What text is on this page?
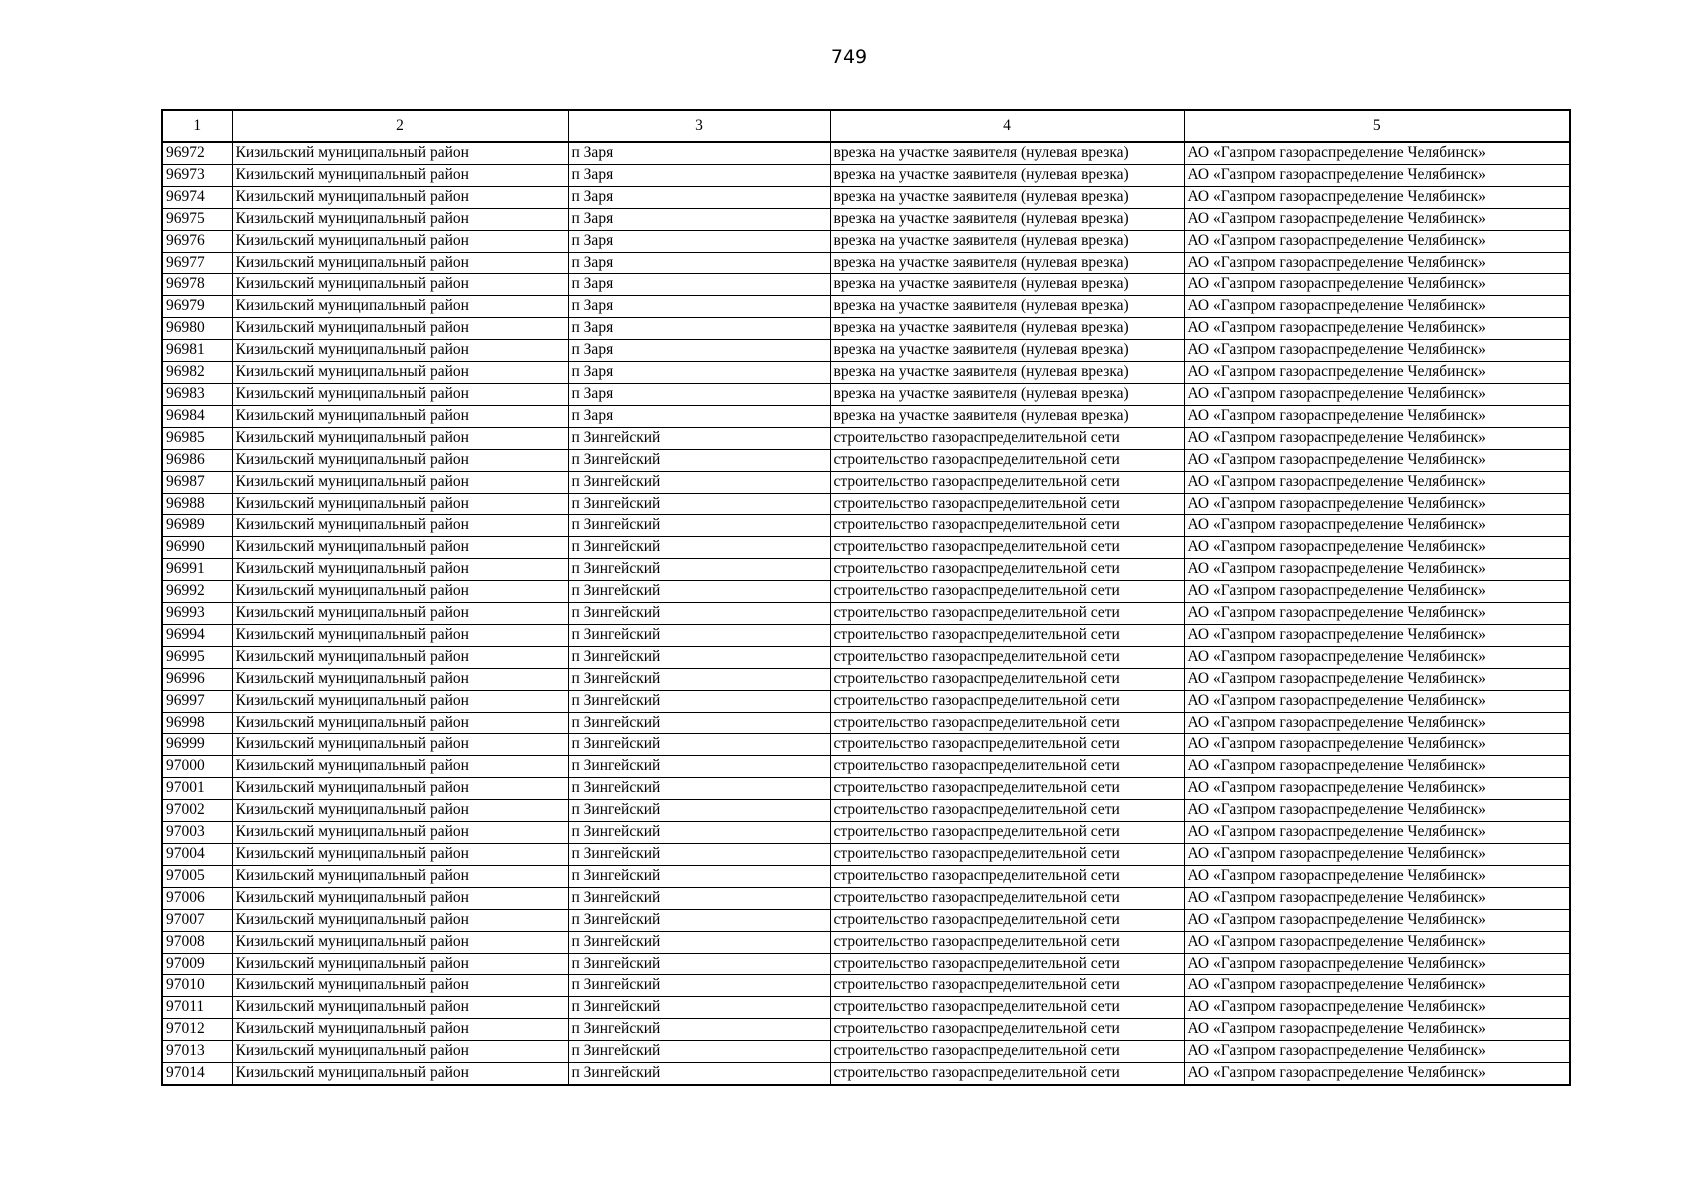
749
1	2	3	4	5
96972	Кизильский муниципальный район	п Заря	врезка на участке заявителя (нулевая врезка)	АО «Газпром газораспределение Челябинск»
96973	Кизильский муниципальный район	п Заря	врезка на участке заявителя (нулевая врезка)	АО «Газпром газораспределение Челябинск»
96974	Кизильский муниципальный район	п Заря	врезка на участке заявителя (нулевая врезка)	АО «Газпром газораспределение Челябинск»
96975	Кизильский муниципальный район	п Заря	врезка на участке заявителя (нулевая врезка)	АО «Газпром газораспределение Челябинск»
96976	Кизильский муниципальный район	п Заря	врезка на участке заявителя (нулевая врезка)	АО «Газпром газораспределение Челябинск»
96977	Кизильский муниципальный район	п Заря	врезка на участке заявителя (нулевая врезка)	АО «Газпром газораспределение Челябинск»
96978	Кизильский муниципальный район	п Заря	врезка на участке заявителя (нулевая врезка)	АО «Газпром газораспределение Челябинск»
96979	Кизильский муниципальный район	п Заря	врезка на участке заявителя (нулевая врезка)	АО «Газпром газораспределение Челябинск»
96980	Кизильский муниципальный район	п Заря	врезка на участке заявителя (нулевая врезка)	АО «Газпром газораспределение Челябинск»
96981	Кизильский муниципальный район	п Заря	врезка на участке заявителя (нулевая врезка)	АО «Газпром газораспределение Челябинск»
96982	Кизильский муниципальный район	п Заря	врезка на участке заявителя (нулевая врезка)	АО «Газпром газораспределение Челябинск»
96983	Кизильский муниципальный район	п Заря	врезка на участке заявителя (нулевая врезка)	АО «Газпром газораспределение Челябинск»
96984	Кизильский муниципальный район	п Заря	врезка на участке заявителя (нулевая врезка)	АО «Газпром газораспределение Челябинск»
96985	Кизильский муниципальный район	п Зингейский	строительство газораспределительной сети	АО «Газпром газораспределение Челябинск»
96986	Кизильский муниципальный район	п Зингейский	строительство газораспределительной сети	АО «Газпром газораспределение Челябинск»
96987	Кизильский муниципальный район	п Зингейский	строительство газораспределительной сети	АО «Газпром газораспределение Челябинск»
96988	Кизильский муниципальный район	п Зингейский	строительство газораспределительной сети	АО «Газпром газораспределение Челябинск»
96989	Кизильский муниципальный район	п Зингейский	строительство газораспределительной сети	АО «Газпром газораспределение Челябинск»
96990	Кизильский муниципальный район	п Зингейский	строительство газораспределительной сети	АО «Газпром газораспределение Челябинск»
96991	Кизильский муниципальный район	п Зингейский	строительство газораспределительной сети	АО «Газпром газораспределение Челябинск»
96992	Кизильский муниципальный район	п Зингейский	строительство газораспределительной сети	АО «Газпром газораспределение Челябинск»
96993	Кизильский муниципальный район	п Зингейский	строительство газораспределительной сети	АО «Газпром газораспределение Челябинск»
96994	Кизильский муниципальный район	п Зингейский	строительство газораспределительной сети	АО «Газпром газораспределение Челябинск»
96995	Кизильский муниципальный район	п Зингейский	строительство газораспределительной сети	АО «Газпром газораспределение Челябинск»
96996	Кизильский муниципальный район	п Зингейский	строительство газораспределительной сети	АО «Газпром газораспределение Челябинск»
96997	Кизильский муниципальный район	п Зингейский	строительство газораспределительной сети	АО «Газпром газораспределение Челябинск»
96998	Кизильский муниципальный район	п Зингейский	строительство газораспределительной сети	АО «Газпром газораспределение Челябинск»
96999	Кизильский муниципальный район	п Зингейский	строительство газораспределительной сети	АО «Газпром газораспределение Челябинск»
97000	Кизильский муниципальный район	п Зингейский	строительство газораспределительной сети	АО «Газпром газораспределение Челябинск»
97001	Кизильский муниципальный район	п Зингейский	строительство газораспределительной сети	АО «Газпром газораспределение Челябинск»
97002	Кизильский муниципальный район	п Зингейский	строительство газораспределительной сети	АО «Газпром газораспределение Челябинск»
97003	Кизильский муниципальный район	п Зингейский	строительство газораспределительной сети	АО «Газпром газораспределение Челябинск»
97004	Кизильский муниципальный район	п Зингейский	строительство газораспределительной сети	АО «Газпром газораспределение Челябинск»
97005	Кизильский муниципальный район	п Зингейский	строительство газораспределительной сети	АО «Газпром газораспределение Челябинск»
97006	Кизильский муниципальный район	п Зингейский	строительство газораспределительной сети	АО «Газпром газораспределение Челябинск»
97007	Кизильский муниципальный район	п Зингейский	строительство газораспределительной сети	АО «Газпром газораспределение Челябинск»
97008	Кизильский муниципальный район	п Зингейский	строительство газораспределительной сети	АО «Газпром газораспределение Челябинск»
97009	Кизильский муниципальный район	п Зингейский	строительство газораспределительной сети	АО «Газпром газораспределение Челябинск»
97010	Кизильский муниципальный район	п Зингейский	строительство газораспределительной сети	АО «Газпром газораспределение Челябинск»
97011	Кизильский муниципальный район	п Зингейский	строительство газораспределительной сети	АО «Газпром газораспределение Челябинск»
97012	Кизильский муниципальный район	п Зингейский	строительство газораспределительной сети	АО «Газпром газораспределение Челябинск»
97013	Кизильский муниципальный район	п Зингейский	строительство газораспределительной сети	АО «Газпром газораспределение Челябинск»
97014	Кизильский муниципальный район	п Зингейский	строительство газораспределительной сети	АО «Газпром газораспределение Челябинск»
